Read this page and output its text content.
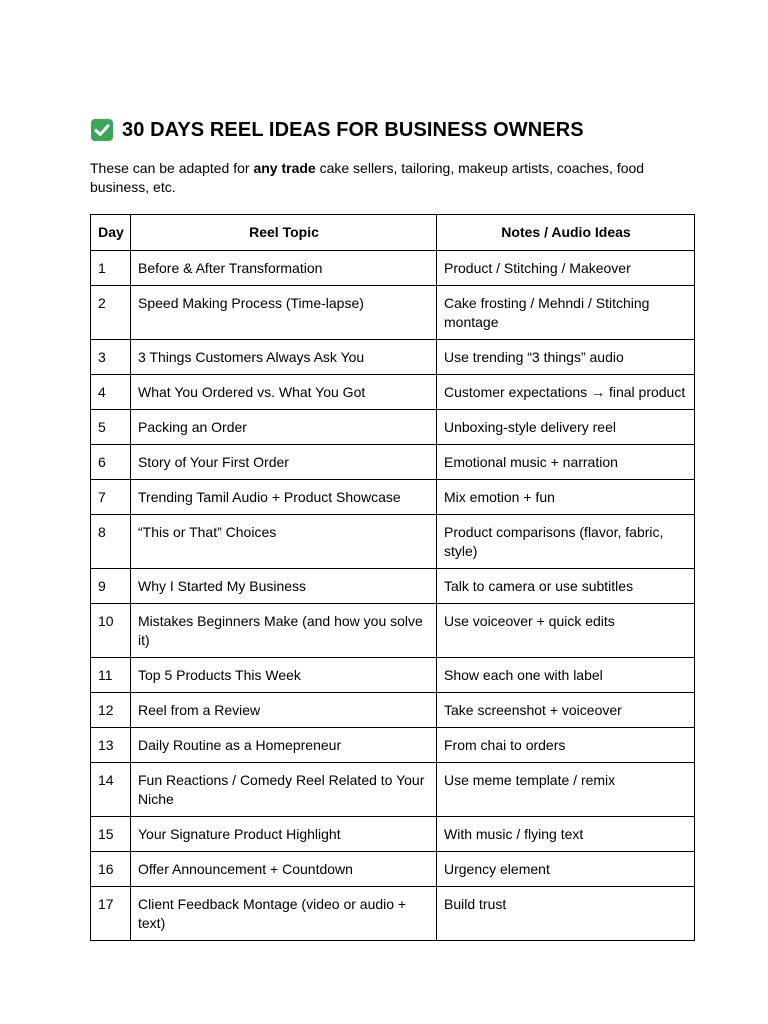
30 DAYS REEL IDEAS FOR BUSINESS OWNERS
These can be adapted for any trade cake sellers, tailoring, makeup artists, coaches, food business, etc.
Day	Reel Topic	Notes / Audio Ideas
1	Before & After Transformation	Product / Stitching / Makeover
2	Speed Making Process (Time-lapse)	Cake frosting / Mehndi / Stitching montage
3	3 Things Customers Always Ask You	Use trending “3 things” audio
4	What You Ordered vs. What You Got	Customer expectations → final product
5	Packing an Order	Unboxing-style delivery reel
6	Story of Your First Order	Emotional music + narration
7	Trending Tamil Audio + Product Showcase	Mix emotion + fun
8	“This or That” Choices	Product comparisons (flavor, fabric, style)
9	Why I Started My Business	Talk to camera or use subtitles
10	Mistakes Beginners Make (and how you solve it)	Use voiceover + quick edits
11	Top 5 Products This Week	Show each one with label
12	Reel from a Review	Take screenshot + voiceover
13	Daily Routine as a Homepreneur	From chai to orders
14	Fun Reactions / Comedy Reel Related to Your Niche	Use meme template / remix
15	Your Signature Product Highlight	With music / flying text
16	Offer Announcement + Countdown	Urgency element
17	Client Feedback Montage (video or audio + text)	Build trust
